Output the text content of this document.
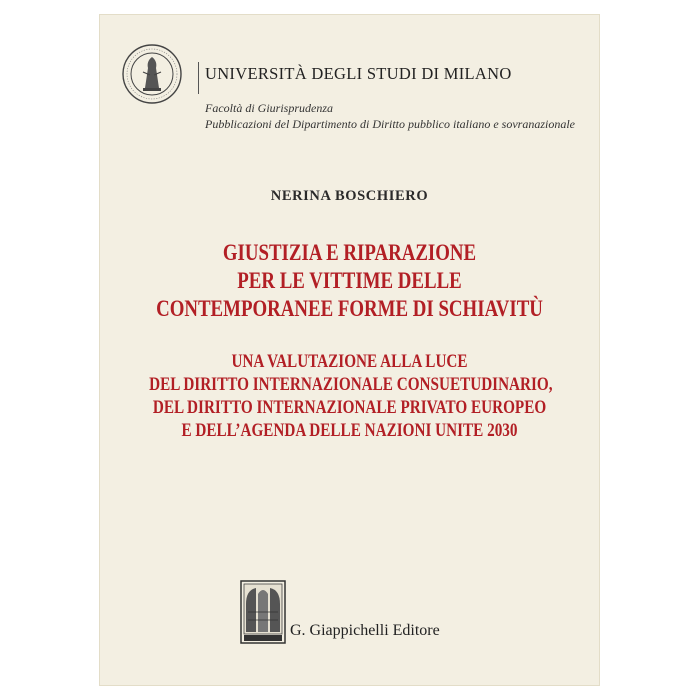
UNIVERSITÀ DEGLI STUDI DI MILANO
Facoltà di Giurisprudenza
Pubblicazioni del Dipartimento di Diritto pubblico italiano e sovranazionale
NERINA BOSCHIERO
GIUSTIZIA E RIPARAZIONE
PER LE VITTIME DELLE
CONTEMPORANEE FORME DI SCHIAVITÙ
UNA VALUTAZIONE ALLA LUCE
DEL DIRITTO INTERNAZIONALE CONSUETUDINARIO,
DEL DIRITTO INTERNAZIONALE PRIVATO EUROPEO
E DELL’AGENDA DELLE NAZIONI UNITE 2030
G. Giappichelli Editore
